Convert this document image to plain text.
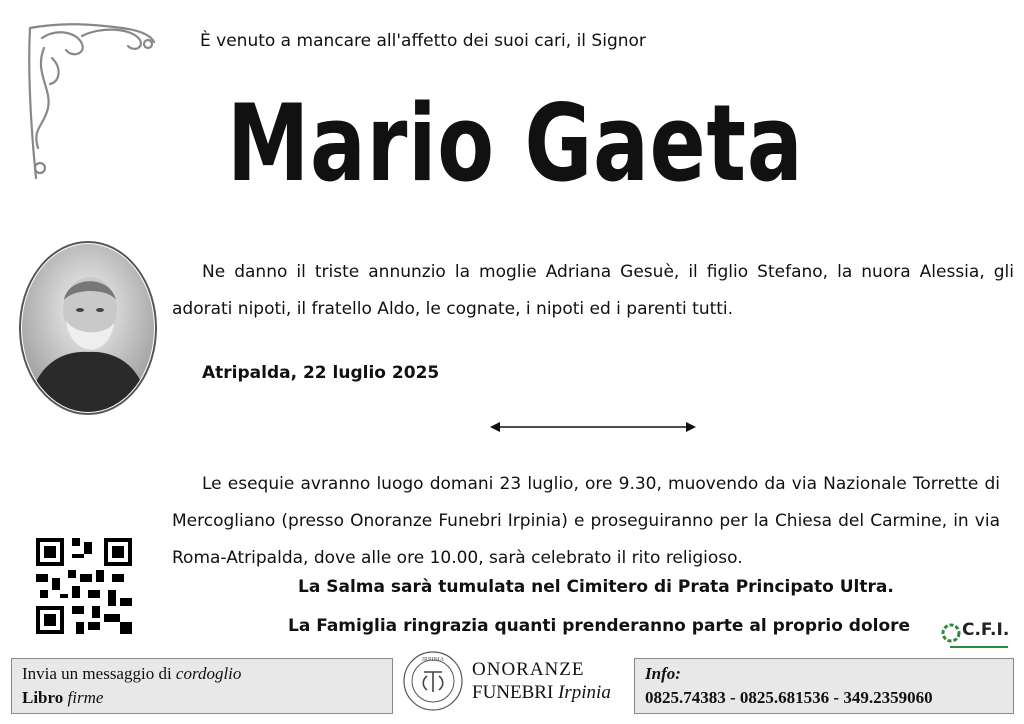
È venuto a mancare all'affetto dei suoi cari, il Signor
Mario Gaeta
Ne danno il triste annunzio la moglie Adriana Gesuè, il figlio Stefano, la nuora Alessia, gli adorati nipoti, il fratello Aldo, le cognate, i nipoti ed i parenti tutti.
Atripalda, 22 luglio 2025
Le esequie avranno luogo domani 23 luglio, ore 9.30, muovendo da via Nazionale Torrette di Mercogliano (presso Onoranze Funebri Irpinia) e proseguiranno per la Chiesa del Carmine, in via Roma-Atripalda, dove alle ore 10.00, sarà celebrato il rito religioso.
La Salma sarà tumulata nel Cimitero di Prata Principato Ultra.
La Famiglia ringrazia quanti prenderanno parte al proprio dolore	C.F.I.
Invia un messaggio di cordoglio
Libro firme
IRPINIA ONORANZE
FUNEBRI Irpinia
Info:
0825.74383 - 0825.681536 - 349.2359060
